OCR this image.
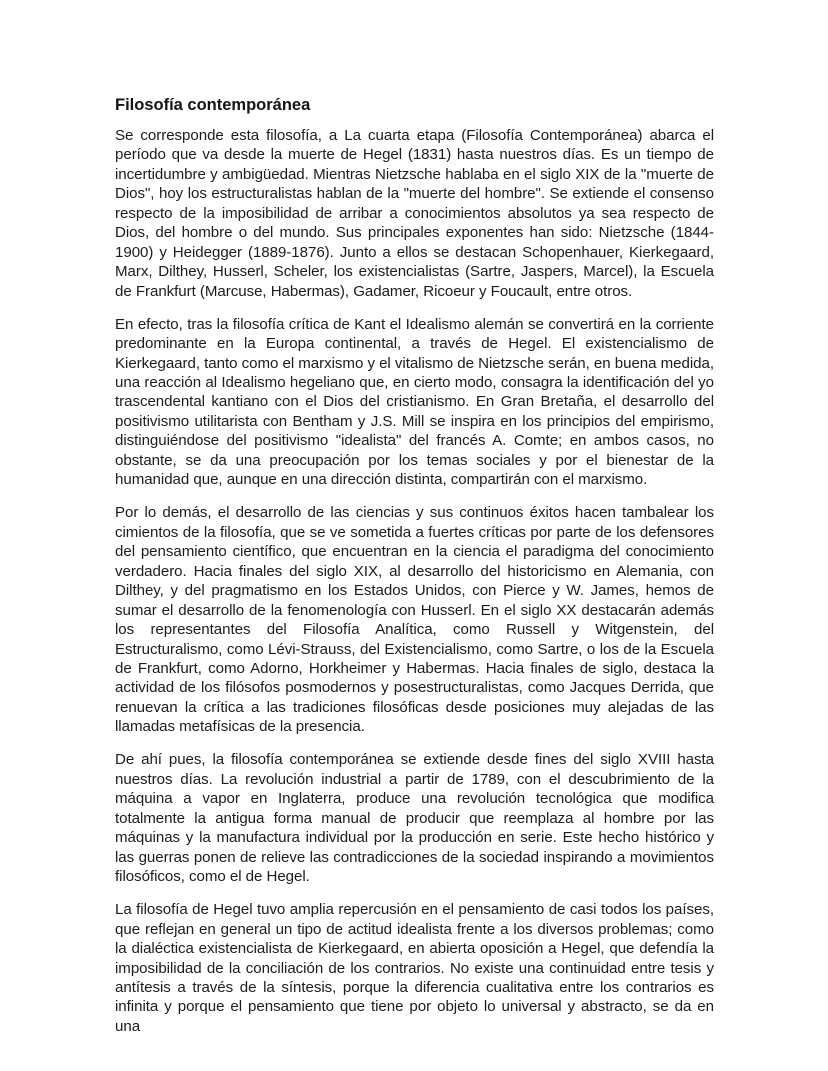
Filosofía contemporánea

Se corresponde esta filosofía, a La cuarta etapa (Filosofía Contemporánea) abarca el período que va desde la muerte de Hegel (1831) hasta nuestros días. Es un tiempo de incertidumbre y ambigüedad. Mientras Nietzsche hablaba en el siglo XIX de la "muerte de Dios", hoy los estructuralistas hablan de la "muerte del hombre". Se extiende el consenso respecto de la imposibilidad de arribar a conocimientos absolutos ya sea respecto de Dios, del hombre o del mundo. Sus principales exponentes han sido: Nietzsche (1844-1900) y Heidegger (1889-1876). Junto a ellos se destacan Schopenhauer, Kierkegaard, Marx, Dilthey, Husserl, Scheler, los existencialistas (Sartre, Jaspers, Marcel), la Escuela de Frankfurt (Marcuse, Habermas), Gadamer, Ricoeur y Foucault, entre otros.

En efecto, tras la filosofía crítica de Kant el Idealismo alemán se convertirá en la corriente predominante en la Europa continental, a través de Hegel. El existencialismo de Kierkegaard, tanto como el marxismo y el vitalismo de Nietzsche serán, en buena medida, una reacción al Idealismo hegeliano que, en cierto modo, consagra la identificación del yo trascendental kantiano con el Dios del cristianismo. En Gran Bretaña, el desarrollo del positivismo utilitarista con Bentham y J.S. Mill se inspira en los principios del empirismo, distinguiéndose del positivismo "idealista" del francés A. Comte; en ambos casos, no obstante, se da una preocupación por los temas sociales y por el bienestar de la humanidad que, aunque en una dirección distinta, compartirán con el marxismo.

Por lo demás, el desarrollo de las ciencias y sus continuos éxitos hacen tambalear los cimientos de la filosofía, que se ve sometida a fuertes críticas por parte de los defensores del pensamiento científico, que encuentran en la ciencia el paradigma del conocimiento verdadero. Hacia finales del siglo XIX, al desarrollo del historicismo en Alemania, con Dilthey, y del pragmatismo en los Estados Unidos, con Pierce y W. James, hemos de sumar el desarrollo de la fenomenología con Husserl. En el siglo XX destacarán además los representantes del Filosofía Analítica, como Russell y Witgenstein, del Estructuralismo, como Lévi-Strauss, del Existencialismo, como Sartre, o los de la Escuela de Frankfurt, como Adorno, Horkheimer y Habermas. Hacia finales de siglo, destaca la actividad de los filósofos posmodernos y posestructuralistas, como Jacques Derrida, que renuevan la crítica a las tradiciones filosóficas desde posiciones muy alejadas de las llamadas metafísicas de la presencia.

De ahí pues, la filosofía contemporánea se extiende desde fines del siglo XVIII hasta nuestros días. La revolución industrial a partir de 1789, con el descubrimiento de la máquina a vapor en Inglaterra, produce una revolución tecnológica que modifica totalmente la antigua forma manual de producir que reemplaza al hombre por las máquinas y la manufactura individual por la producción en serie. Este hecho histórico y las guerras ponen de relieve las contradicciones de la sociedad inspirando a movimientos filosóficos, como el de Hegel.

La filosofía de Hegel tuvo amplia repercusión en el pensamiento de casi todos los países, que reflejan en general un tipo de actitud idealista frente a los diversos problemas; como la dialéctica existencialista de Kierkegaard, en abierta oposición a Hegel, que defendía la imposibilidad de la conciliación de los contrarios. No existe una continuidad entre tesis y antítesis a través de la síntesis, porque la diferencia cualitativa entre los contrarios es infinita y porque el pensamiento que tiene por objeto lo universal y abstracto, se da en una
